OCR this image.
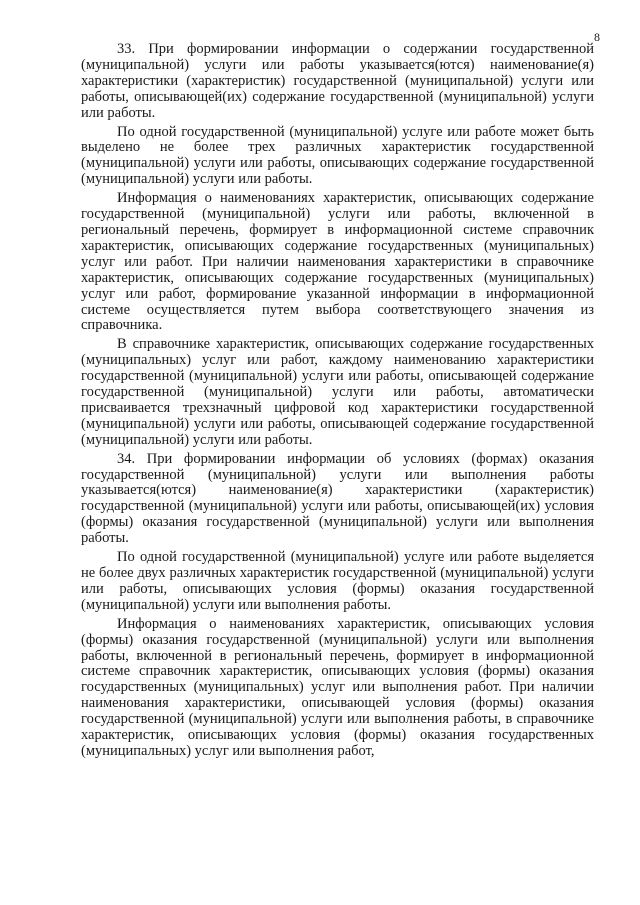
8

33. При формировании информации о содержании государственной (муниципальной) услуги или работы указывается(ются) наименование(я) характеристики (характеристик) государственной (муниципальной) услуги или работы, описывающей(их) содержание государственной (муниципальной) услуги или работы.

По одной государственной (муниципальной) услуге или работе может быть выделено не более трех различных характеристик государственной (муниципальной) услуги или работы, описывающих содержание государственной (муниципальной) услуги или работы.

Информация о наименованиях характеристик, описывающих содержание государственной (муниципальной) услуги или работы, включенной в региональный перечень, формирует в информационной системе справочник характеристик, описывающих содержание государственных (муниципальных) услуг или работ. При наличии наименования характеристики в справочнике характеристик, описывающих содержание государственных (муниципальных) услуг или работ, формирование указанной информации в информационной системе осуществляется путем выбора соответствующего значения из справочника.

В справочнике характеристик, описывающих содержание государственных (муниципальных) услуг или работ, каждому наименованию характеристики государственной (муниципальной) услуги или работы, описывающей содержание государственной (муниципальной) услуги или работы, автоматически присваивается трехзначный цифровой код характеристики государственной (муниципальной) услуги или работы, описывающей содержание государственной (муниципальной) услуги или работы.

34. При формировании информации об условиях (формах) оказания государственной (муниципальной) услуги или выполнения работы указывается(ются) наименование(я) характеристики (характеристик) государственной (муниципальной) услуги или работы, описывающей(их) условия (формы) оказания государственной (муниципальной) услуги или выполнения работы.

По одной государственной (муниципальной) услуге или работе выделяется не более двух различных характеристик государственной (муниципальной) услуги или работы, описывающих условия (формы) оказания государственной (муниципальной) услуги или выполнения работы.

Информация о наименованиях характеристик, описывающих условия (формы) оказания государственной (муниципальной) услуги или выполнения работы, включенной в региональный перечень, формирует в информационной системе справочник характеристик, описывающих условия (формы) оказания государственных (муниципальных) услуг или выполнения работ. При наличии наименования характеристики, описывающей условия (формы) оказания государственной (муниципальной) услуги или выполнения работы, в справочнике характеристик, описывающих условия (формы) оказания государственных (муниципальных) услуг или выполнения работ,
